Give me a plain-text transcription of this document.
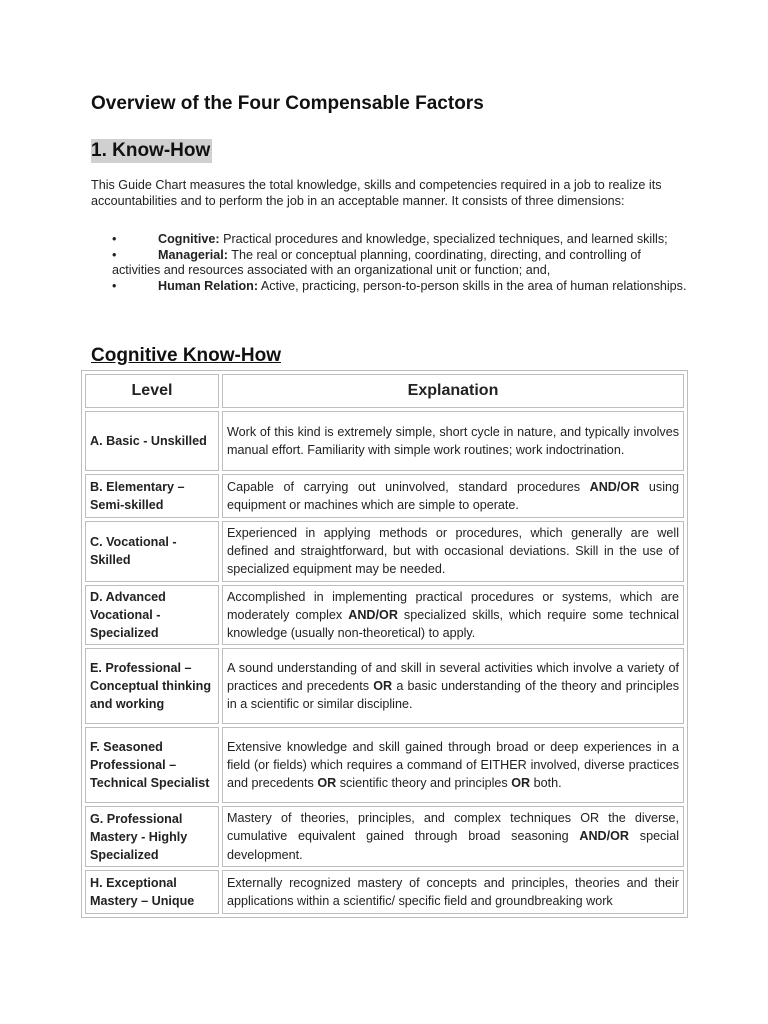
Overview of the Four Compensable Factors
1. Know-How

This Guide Chart measures the total knowledge, skills and competencies required in a job to realize its accountabilities and to perform the job in an acceptable manner. It consists of three dimensions:

•	Cognitive: Practical procedures and knowledge, specialized techniques, and learned skills;
•	Managerial: The real or conceptual planning, coordinating, directing, and controlling of activities and resources associated with an organizational unit or function; and,
•	Human Relation: Active, practicing, person-to-person skills in the area of human relationships.
Cognitive Know-How
Level	Explanation
A. Basic - Unskilled	Work of this kind is extremely simple, short cycle in nature, and typically involves manual effort. Familiarity with simple work routines; work indoctrination.
B. Elementary – Semi-skilled	Capable of carrying out uninvolved, standard procedures AND/OR using equipment or machines which are simple to operate.
C. Vocational - Skilled	Experienced in applying methods or procedures, which generally are well defined and straightforward, but with occasional deviations. Skill in the use of specialized equipment may be needed.
D. Advanced Vocational - Specialized	Accomplished in implementing practical procedures or systems, which are moderately complex AND/OR specialized skills, which require some technical knowledge (usually non-theoretical) to apply.
E. Professional – Conceptual thinking and working	A sound understanding of and skill in several activities which involve a variety of practices and precedents OR a basic understanding of the theory and principles in a scientific or similar discipline.
F. Seasoned Professional – Technical Specialist	Extensive knowledge and skill gained through broad or deep experiences in a field (or fields) which requires a command of EITHER involved, diverse practices and precedents OR scientific theory and principles OR both.
G. Professional Mastery - Highly Specialized	Mastery of theories, principles, and complex techniques OR the diverse, cumulative equivalent gained through broad seasoning AND/OR special development.
H. Exceptional Mastery – Unique	Externally recognized mastery of concepts and principles, theories and their applications within a scientific/ specific field and groundbreaking work
